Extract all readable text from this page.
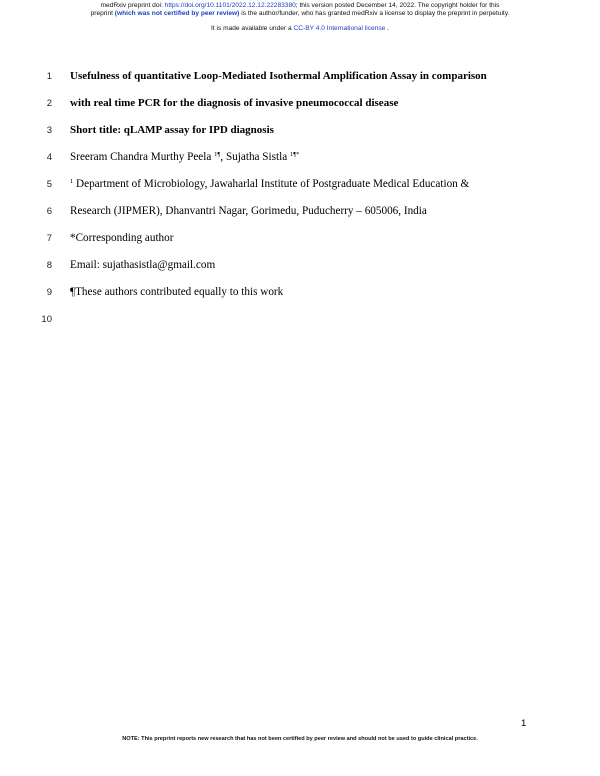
medRxiv preprint doi: https://doi.org/10.1101/2022.12.12.22283380; this version posted December 14, 2022. The copyright holder for this
preprint (which was not certified by peer review) is the author/funder, who has granted medRxiv a license to display the preprint in perpetuity.
It is made available under a CC-BY 4.0 International license .
1 Usefulness of quantitative Loop-Mediated Isothermal Amplification Assay in comparison
2 with real time PCR for the diagnosis of invasive pneumococcal disease
3 Short title: qLAMP assay for IPD diagnosis
4 Sreeram Chandra Murthy Peela $^{1\P}$, Sujatha Sistla $^{1\P*}$
5	$^1$ Department of Microbiology, Jawaharlal Institute of Postgraduate Medical Education &
6 Research (JIPMER), Dhanvantri Nagar, Gorimedu, Puducherry – 605006, India
7 *Corresponding author
8 Email: sujathasistla@gmail.com
9 ¶These authors contributed equally to this work
10
1
NOTE: This preprint reports new research that has not been certified by peer review and should not be used to guide clinical practice.
